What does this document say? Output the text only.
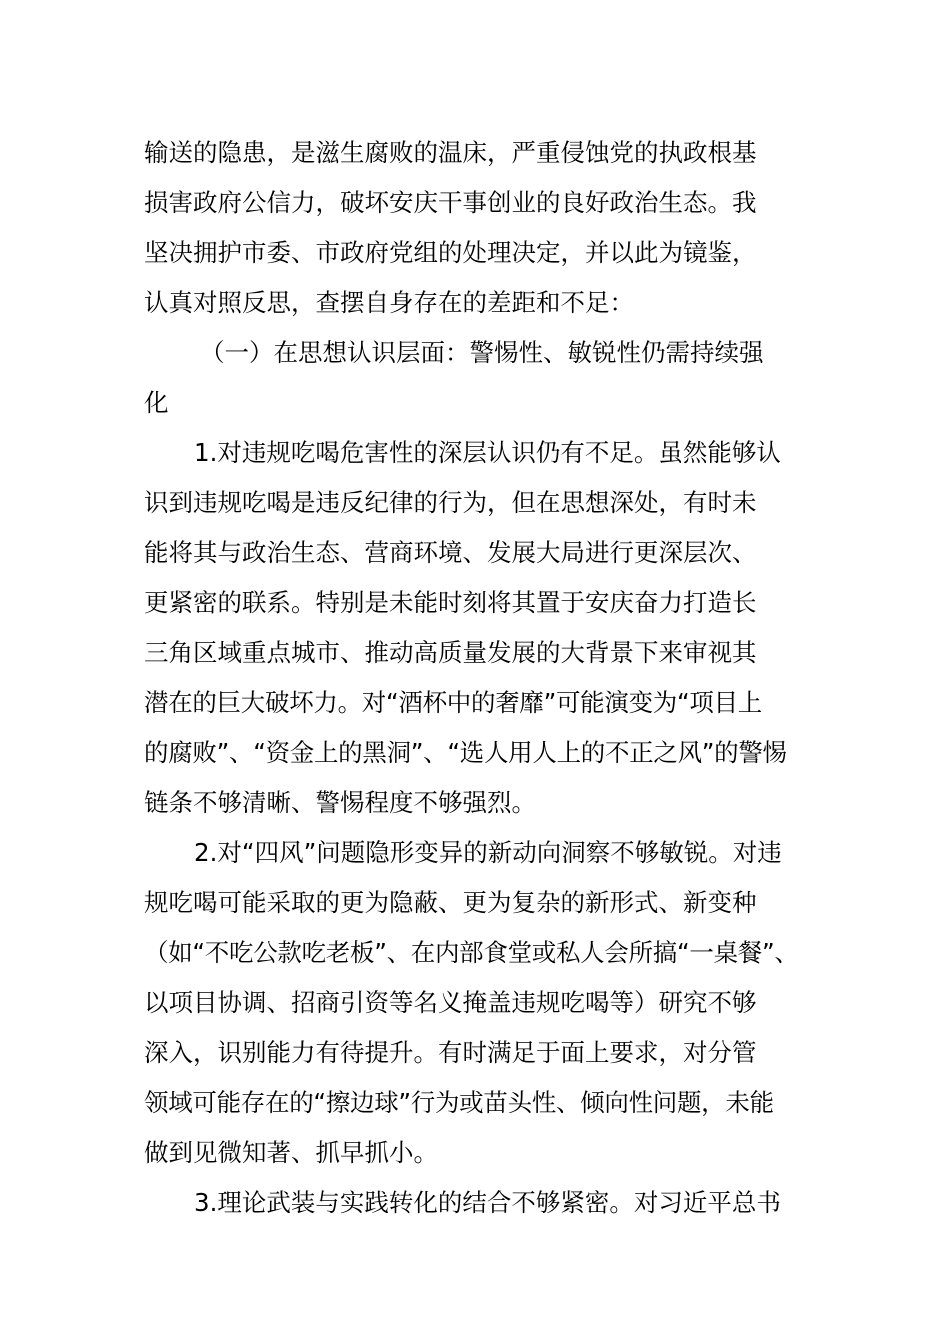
输送的隐患，是滋生腐败的温床，严重侵蚀党的执政根基
损害政府公信力，破坏安庆干事创业的良好政治生态。我
坚决拥护市委、市政府党组的处理决定，并以此为镜鉴，
认真对照反思，查摆自身存在的差距和不足：
（一）在思想认识层面：警惕性、敏锐性仍需持续强
化
1.对违规吃喝危害性的深层认识仍有不足。虽然能够认
识到违规吃喝是违反纪律的行为，但在思想深处，有时未
能将其与政治生态、营商环境、发展大局进行更深层次、
更紧密的联系。特别是未能时刻将其置于安庆奋力打造长
三角区域重点城市、推动高质量发展的大背景下来审视其
潜在的巨大破坏力。对“酒杯中的奢靡”可能演变为“项目上
的腐败”、“资金上的黑洞”、“选人用人上的不正之风”的警惕
链条不够清晰、警惕程度不够强烈。
2.对“四风”问题隐形变异的新动向洞察不够敏锐。对违
规吃喝可能采取的更为隐蔽、更为复杂的新形式、新变种
（如“不吃公款吃老板”、在内部食堂或私人会所搞“一桌餐”、
以项目协调、招商引资等名义掩盖违规吃喝等）研究不够
深入，识别能力有待提升。有时满足于面上要求，对分管
领域可能存在的“擦边球”行为或苗头性、倾向性问题，未能
做到见微知著、抓早抓小。
3.理论武装与实践转化的结合不够紧密。对习近平总书
